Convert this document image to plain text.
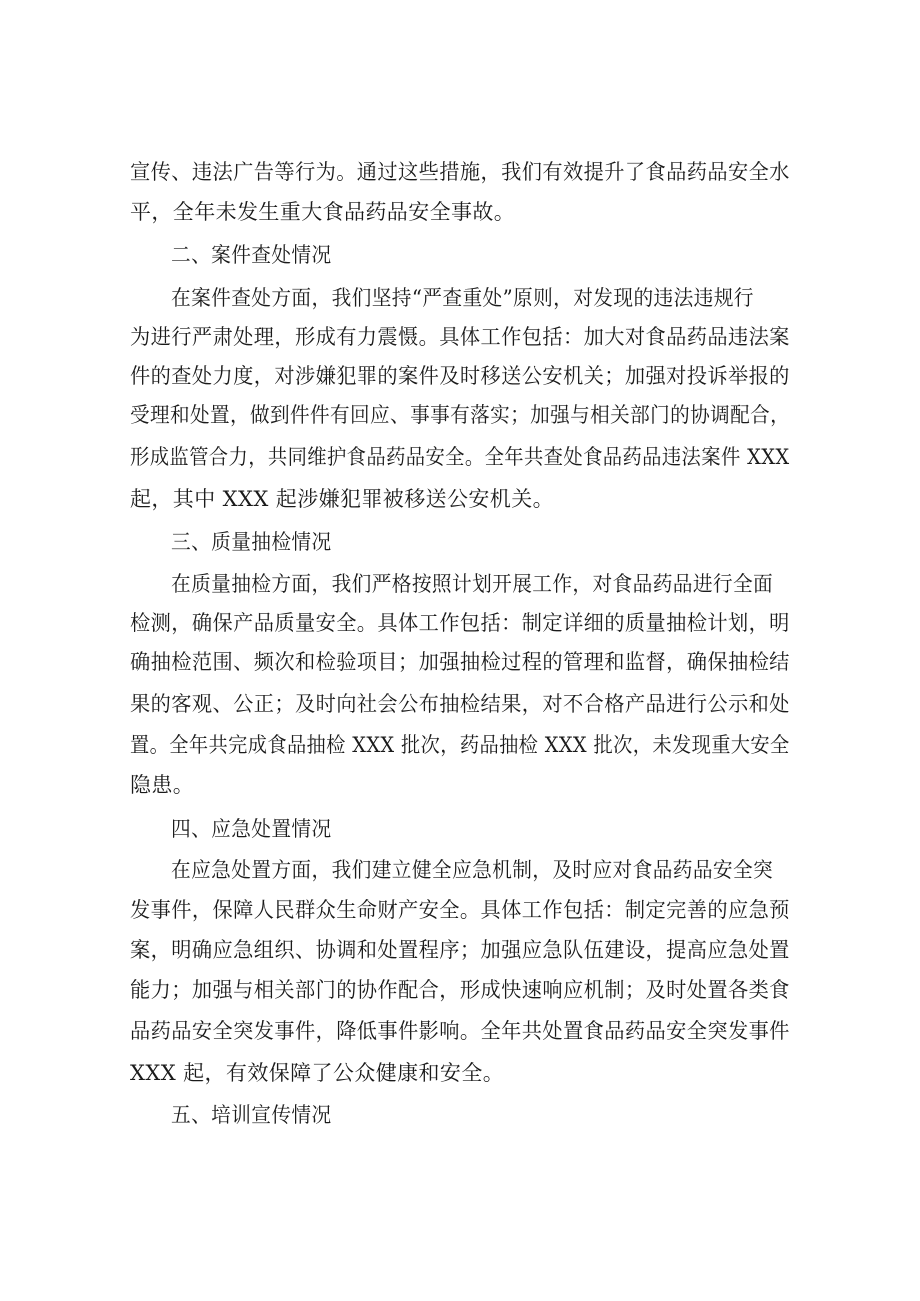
宣传、违法广告等行为。通过这些措施，我们有效提升了食品药品安全水

平，全年未发生重大食品药品安全事故。

二、案件查处情况

在案件查处方面，我们坚持“严查重处”原则，对发现的违法违规行

为进行严肃处理，形成有力震慑。具体工作包括：加大对食品药品违法案

件的查处力度，对涉嫌犯罪的案件及时移送公安机关；加强对投诉举报的

受理和处置，做到件件有回应、事事有落实；加强与相关部门的协调配合，

形成监管合力，共同维护食品药品安全。全年共查处食品药品违法案件 XXX

起，其中 XXX 起涉嫌犯罪被移送公安机关。

三、质量抽检情况

在质量抽检方面，我们严格按照计划开展工作，对食品药品进行全面

检测，确保产品质量安全。具体工作包括：制定详细的质量抽检计划，明

确抽检范围、频次和检验项目；加强抽检过程的管理和监督，确保抽检结

果的客观、公正；及时向社会公布抽检结果，对不合格产品进行公示和处

置。全年共完成食品抽检 XXX 批次，药品抽检 XXX 批次，未发现重大安全

隐患。

四、应急处置情况

在应急处置方面，我们建立健全应急机制，及时应对食品药品安全突

发事件，保障人民群众生命财产安全。具体工作包括：制定完善的应急预

案，明确应急组织、协调和处置程序；加强应急队伍建设，提高应急处置

能力；加强与相关部门的协作配合，形成快速响应机制；及时处置各类食

品药品安全突发事件，降低事件影响。全年共处置食品药品安全突发事件

XXX 起，有效保障了公众健康和安全。

五、培训宣传情况
